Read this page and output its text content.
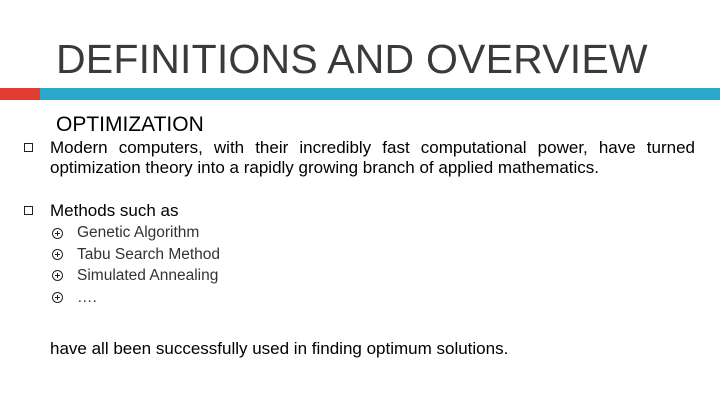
DEFINITIONS AND OVERVIEW
OPTIMIZATION
Modern computers, with their incredibly fast computational power, have turned optimization theory into a rapidly growing branch of applied mathematics.
Methods such as
Genetic Algorithm
Tabu Search Method
Simulated Annealing
….
have all been successfully used in finding optimum solutions.
